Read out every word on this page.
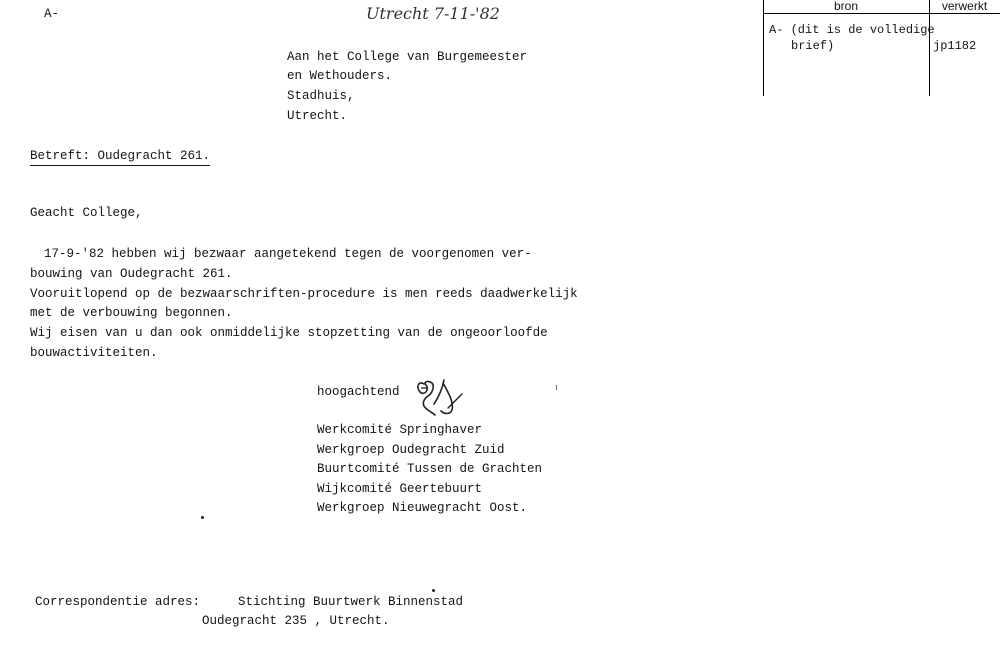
A-	Utrecht 7-11-'82	bron	verwerkt
A- (dit is de volledige
brief)	jp1182
Aan het College van Burgemeester
en Wethouders.
Stadhuis,
Utrecht.
Betreft: Oudegracht 261.
Geacht College,
17-9-'82 hebben wij bezwaar aangetekend tegen de voorgenomen ver-
bouwing van Oudegracht 261.
Vooruitlopend op de bezwaarschriften-procedure is men reeds daadwerkelijk
met de verbouwing begonnen.
Wij eisen van u dan ook onmiddelijke stopzetting van de ongeoorloofde
bouwactiviteiten.
hoogachtend
Werkcomité Springhaver
Werkgroep Oudegracht Zuid
Buurtcomité Tussen de Grachten
Wijkcomité Geertebuurt
Werkgroep Nieuwegracht Oost.
Correspondentie adres:	Stichting Buurtwerk Binnenstad
Oudegracht 235 , Utrecht.
